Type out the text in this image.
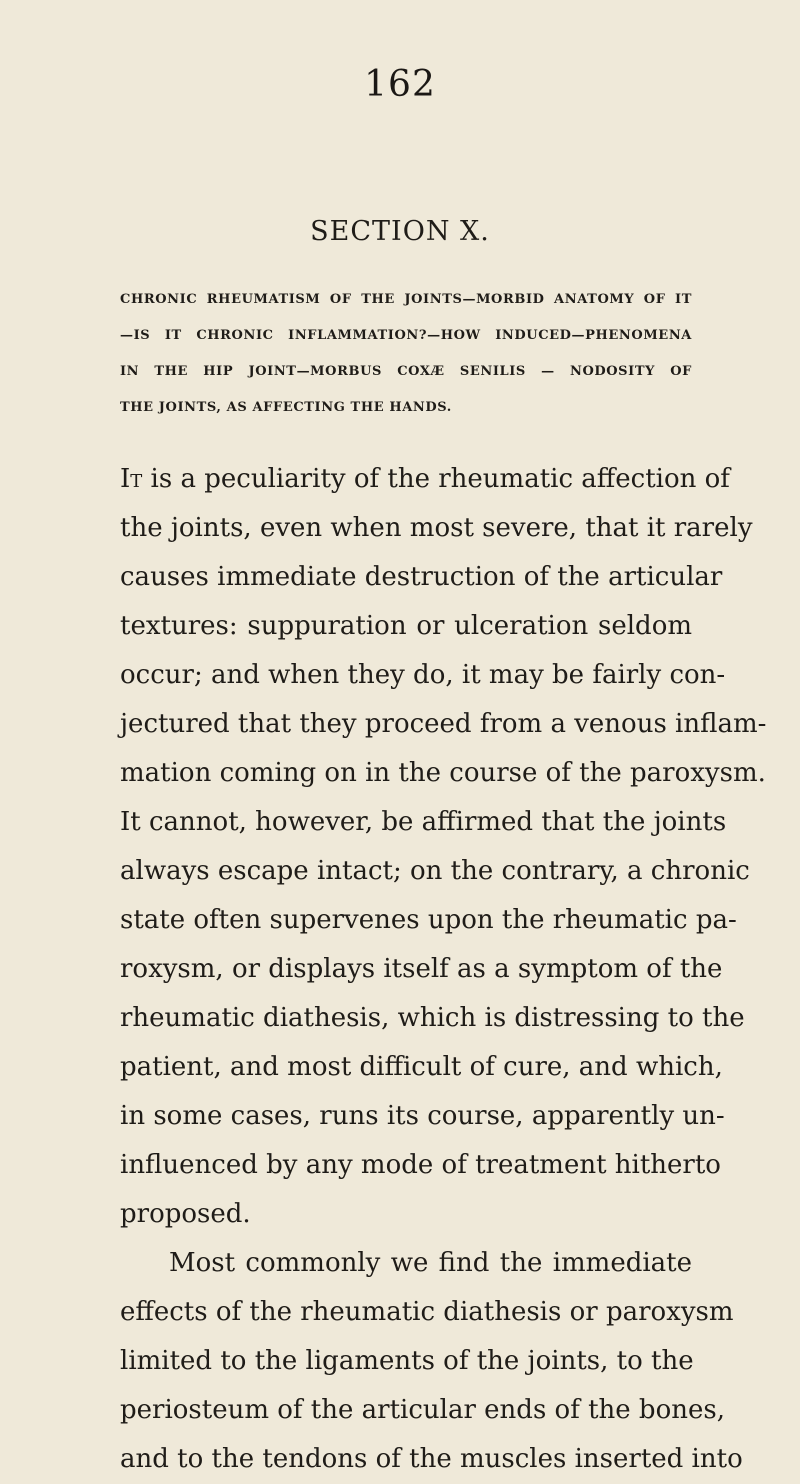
162
SECTION X.
CHRONIC RHEUMATISM OF THE JOINTS—MORBID ANATOMY OF IT
—IS IT CHRONIC INFLAMMATION?—HOW INDUCED—PHENOMENA
IN THE HIP JOINT—MORBUS COXÆ SENILIS — NODOSITY OF
THE JOINTS, AS AFFECTING THE HANDS.
It is a peculiarity of the rheumatic affection of
the joints, even when most severe, that it rarely
causes immediate destruction of the articular
textures: suppuration or ulceration seldom
occur; and when they do, it may be fairly con-
jectured that they proceed from a venous inflam-
mation coming on in the course of the paroxysm.
It cannot, however, be affirmed that the joints
always escape intact; on the contrary, a chronic
state often supervenes upon the rheumatic pa-
roxysm, or displays itself as a symptom of the
rheumatic diathesis, which is distressing to the
patient, and most difficult of cure, and which,
in some cases, runs its course, apparently un-
influenced by any mode of treatment hitherto
proposed.
Most commonly we find the immediate
effects of the rheumatic diathesis or paroxysm
limited to the ligaments of the joints, to the
periosteum of the articular ends of the bones,
and to the tendons of the muscles inserted into
